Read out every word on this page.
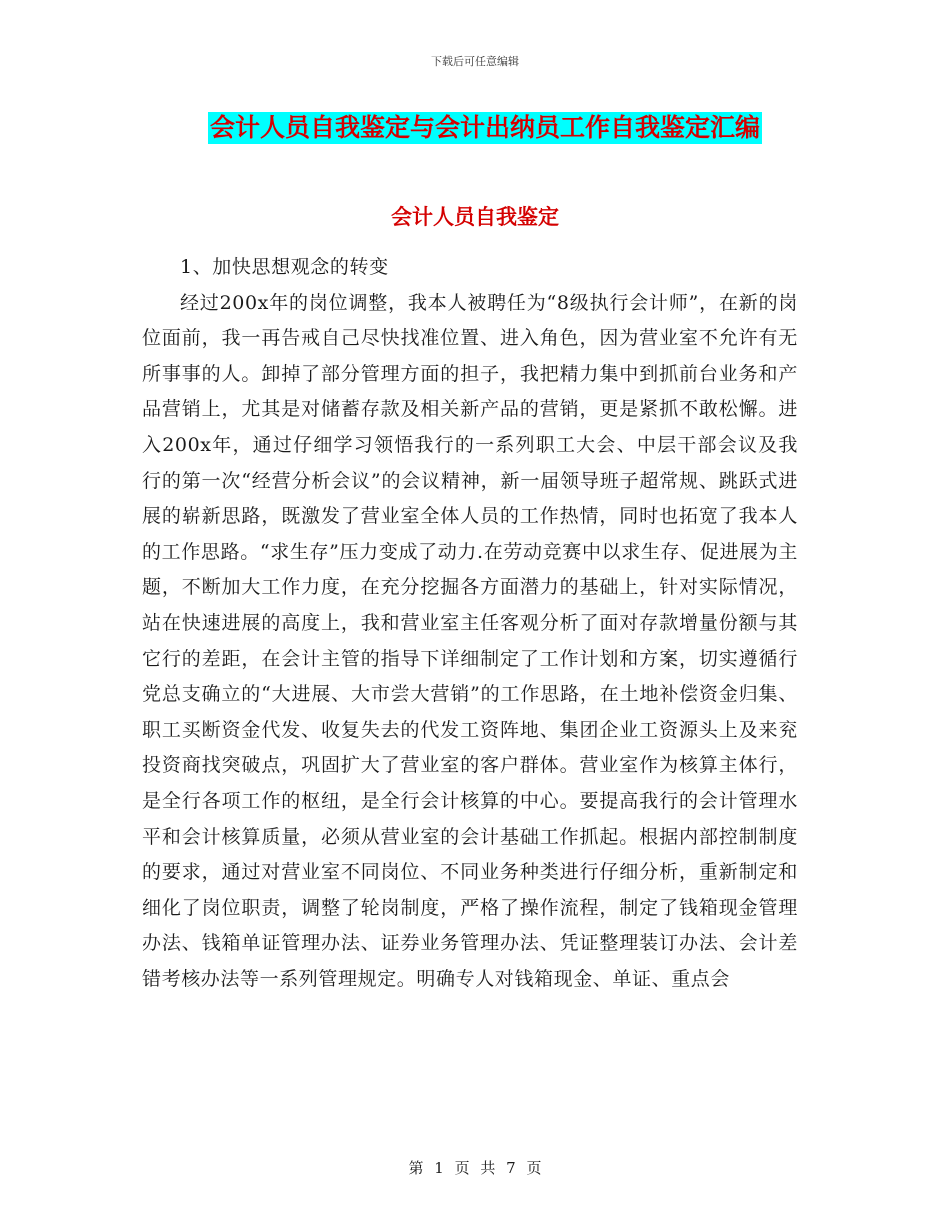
下载后可任意编辑
会计人员自我鉴定与会计出纳员工作自我鉴定汇编
会计人员自我鉴定

1、加快思想观念的转变

经过200x年的岗位调整，我本人被聘任为“8级执行会计师”，在新的岗位面前，我一再告戒自己尽快找准位置、进入角色，因为营业室不允许有无所事事的人。卸掉了部分管理方面的担子，我把精力集中到抓前台业务和产品营销上，尤其是对储蓄存款及相关新产品的营销，更是紧抓不敢松懈。进入200x年，通过仔细学习领悟我行的一系列职工大会、中层干部会议及我行的第一次“经营分析会议”的会议精神，新一届领导班子超常规、跳跃式进展的崭新思路，既激发了营业室全体人员的工作热情，同时也拓宽了我本人的工作思路。“求生存”压力变成了动力.在劳动竞赛中以求生存、促进展为主题，不断加大工作力度，在充分挖掘各方面潜力的基础上，针对实际情况，站在快速进展的高度上，我和营业室主任客观分析了面对存款增量份额与其它行的差距，在会计主管的指导下详细制定了工作计划和方案，切实遵循行党总支确立的“大进展、大市尝大营销”的工作思路，在土地补偿资金归集、职工买断资金代发、收复失去的代发工资阵地、集团企业工资源头上及来兖投资商找突破点，巩固扩大了营业室的客户群体。营业室作为核算主体行，是全行各项工作的枢纽，是全行会计核算的中心。要提高我行的会计管理水平和会计核算质量，必须从营业室的会计基础工作抓起。根据内部控制制度的要求，通过对营业室不同岗位、不同业务种类进行仔细分析，重新制定和细化了岗位职责，调整了轮岗制度，严格了操作流程，制定了钱箱现金管理办法、钱箱单证管理办法、证券业务管理办法、凭证整理装订办法、会计差错考核办法等一系列管理规定。明确专人对钱箱现金、单证、重点会

第 1 页 共 7 页
